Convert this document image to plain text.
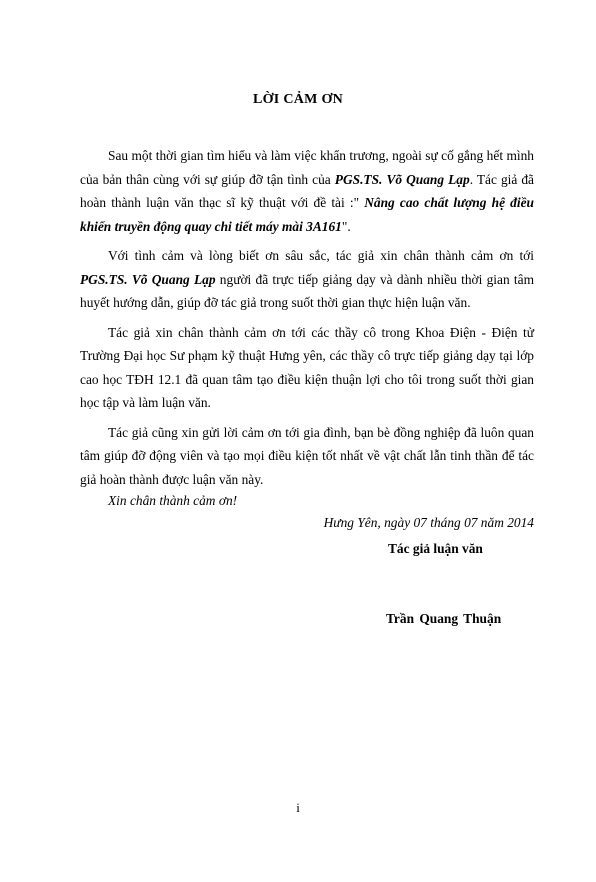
LỜI CẢM ƠN

Sau một thời gian tìm hiểu và làm việc khẩn trương, ngoài sự cố gắng hết mình của bản thân cùng với sự giúp đỡ tận tình của PGS.TS. Võ Quang Lạp. Tác giả đã hoàn thành luận văn thạc sĩ kỹ thuật với đề tài :" Nâng cao chất lượng hệ điều khiển truyền động quay chi tiết máy mài 3A161".

Với tình cảm và lòng biết ơn sâu sắc, tác giả xin chân thành cảm ơn tới PGS.TS. Võ Quang Lạp người đã trực tiếp giảng dạy và dành nhiều thời gian tâm huyết hướng dẫn, giúp đỡ tác giả trong suốt thời gian thực hiện luận văn.

Tác giả xin chân thành cảm ơn tới các thầy cô trong Khoa Điện - Điện tử Trường Đại học Sư phạm kỹ thuật Hưng yên, các thầy cô trực tiếp giảng dạy tại lớp cao học TĐH 12.1 đã quan tâm tạo điều kiện thuận lợi cho tôi trong suốt thời gian học tập và làm luận văn.

Tác giả cũng xin gửi lời cảm ơn tới gia đình, bạn bè đồng nghiệp đã luôn quan tâm giúp đỡ động viên và tạo mọi điều kiện tốt nhất về vật chất lẫn tinh thần để tác giả hoàn thành được luận văn này.

Xin chân thành cảm ơn!
Hưng Yên, ngày 07 tháng 07 năm 2014
Tác giả luận văn
Trần Quang Thuận
i
